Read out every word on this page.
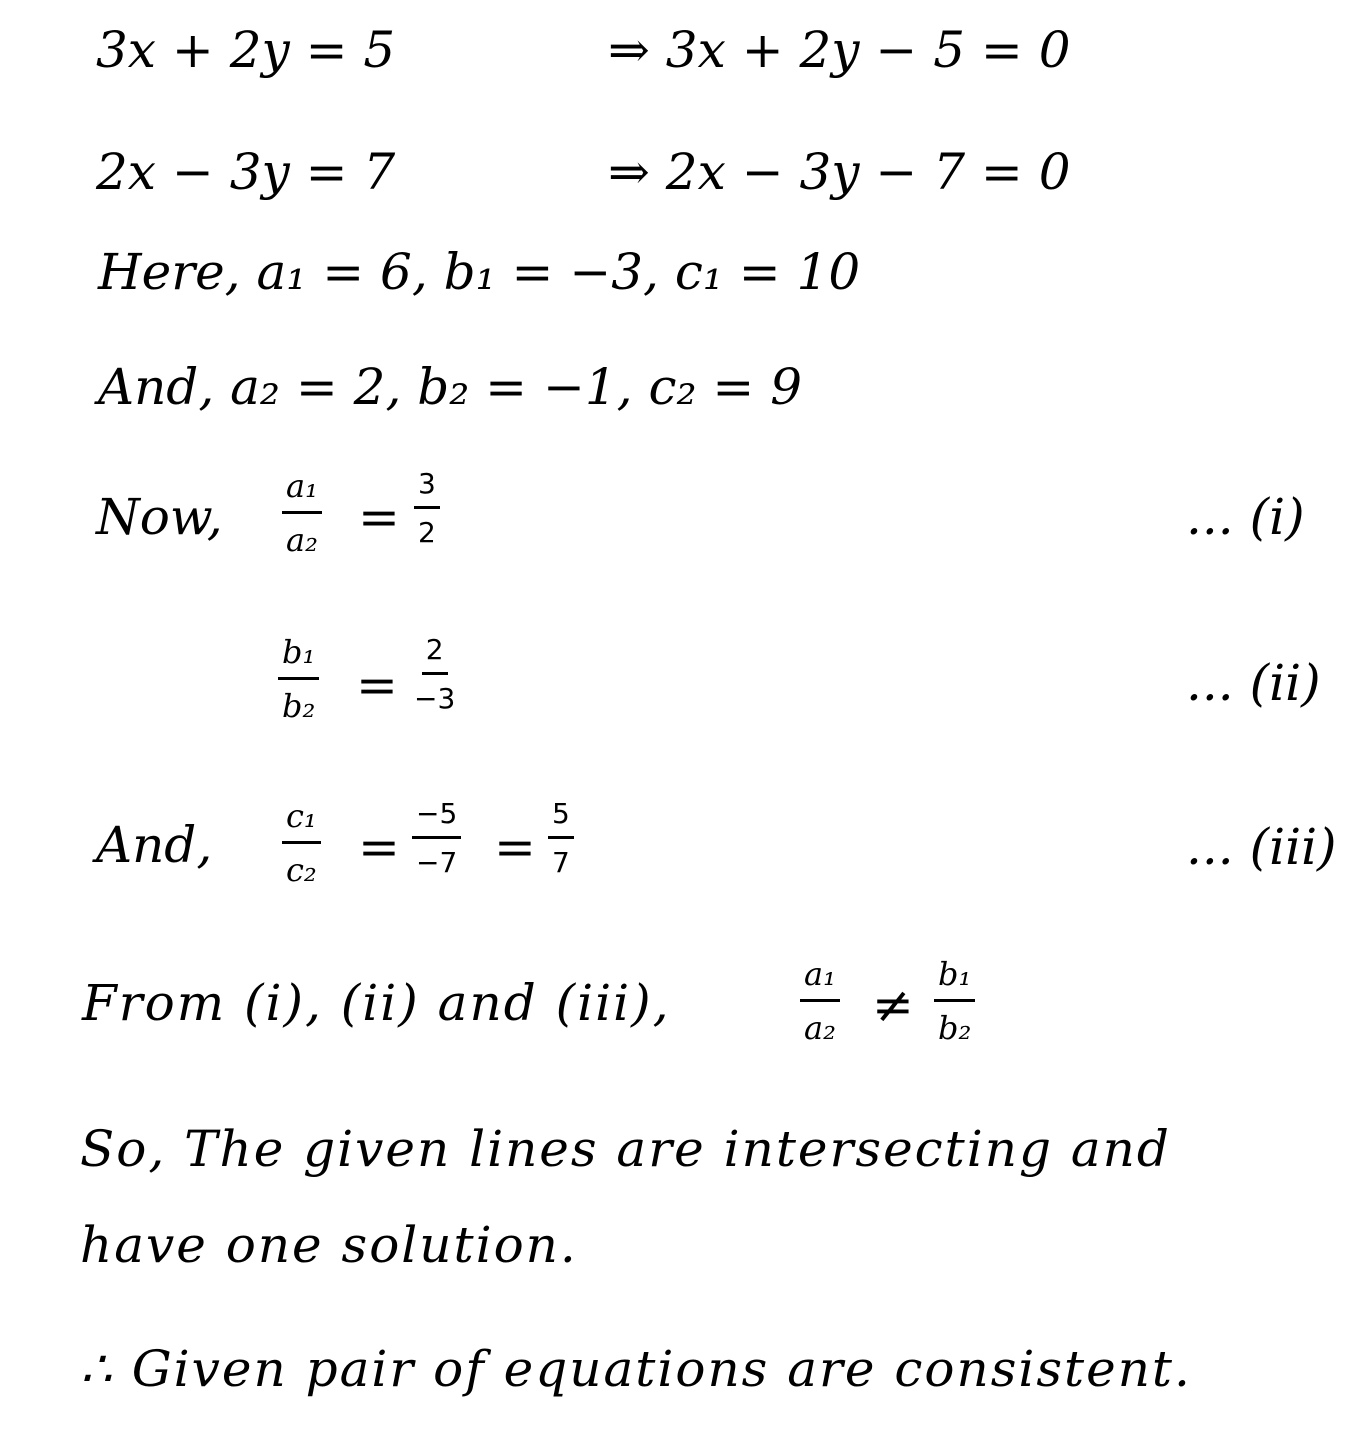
3x + 2y = 5	⇒ 3x + 2y − 5 = 0
2x − 3y = 7	⇒ 2x − 3y − 7 = 0
Here, a₁ = 6, b₁ = −3, c₁ = 10
And, a₂ = 2, b₂ = −1, c₂ = 9
Now, $\frac{\text{a₁}}{\text{a₂}} = \frac{3}{2}$	... (i)
$\frac{\text{b₁}}{\text{b₂}} = \frac{2}{-3}$	... (ii)
And, $\frac{\text{c₁}}{\text{c₂}} = \frac{-5}{-7} = \frac{5}{7}$	... (iii)
From (i), (ii) and (iii),	$\frac{\text{a₁}}{\text{a₂}} \ne \frac{\text{b₁}}{\text{b₂}}$
So, The given lines are intersecting and
have one solution.
∴ Given pair of equations are consistent.
